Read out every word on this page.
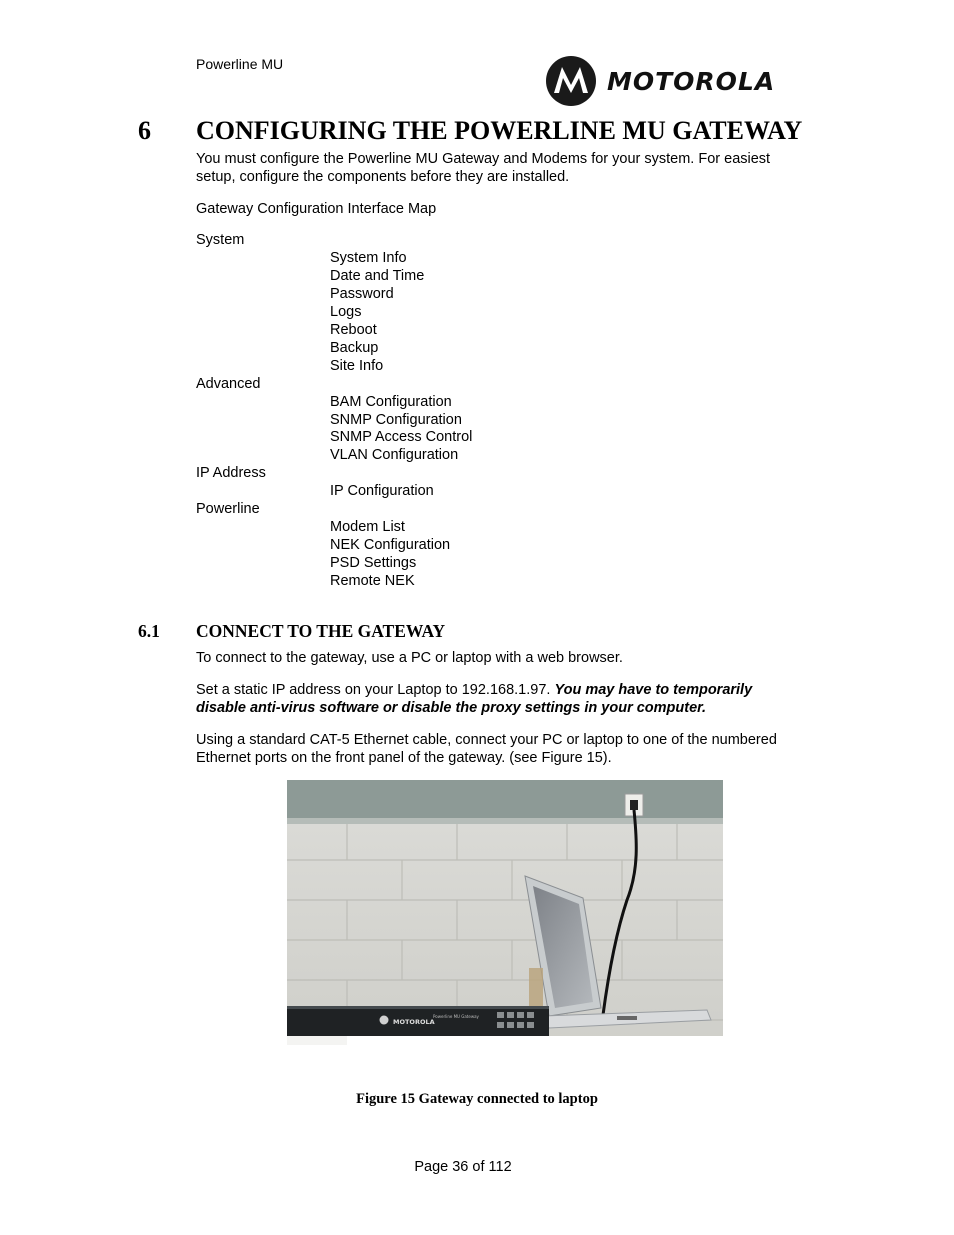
Powerline MU
MOTOROLA
6 CONFIGURING THE POWERLINE MU GATEWAY
You must configure the Powerline MU Gateway and Modems for your system. For easiest setup, configure the components before they are installed.
Gateway Configuration Interface Map
System
System Info
Date and Time
Password
Logs
Reboot
Backup
Site Info
Advanced
BAM Configuration
SNMP Configuration
SNMP Access Control
VLAN Configuration
IP Address
IP Configuration
Powerline
Modem List
NEK Configuration
PSD Settings
Remote NEK
6.1 CONNECT TO THE GATEWAY
To connect to the gateway, use a PC or laptop with a web browser.
Set a static IP address on your Laptop to 192.168.1.97. You may have to temporarily disable anti-virus software or disable the proxy settings in your computer.
Using a standard CAT-5 Ethernet cable, connect your PC or laptop to one of the numbered Ethernet ports on the front panel of the gateway. (see Figure 15).
MOTOROLA
Powerline MU Gateway
Figure 15 Gateway connected to laptop
Page 36 of 112
